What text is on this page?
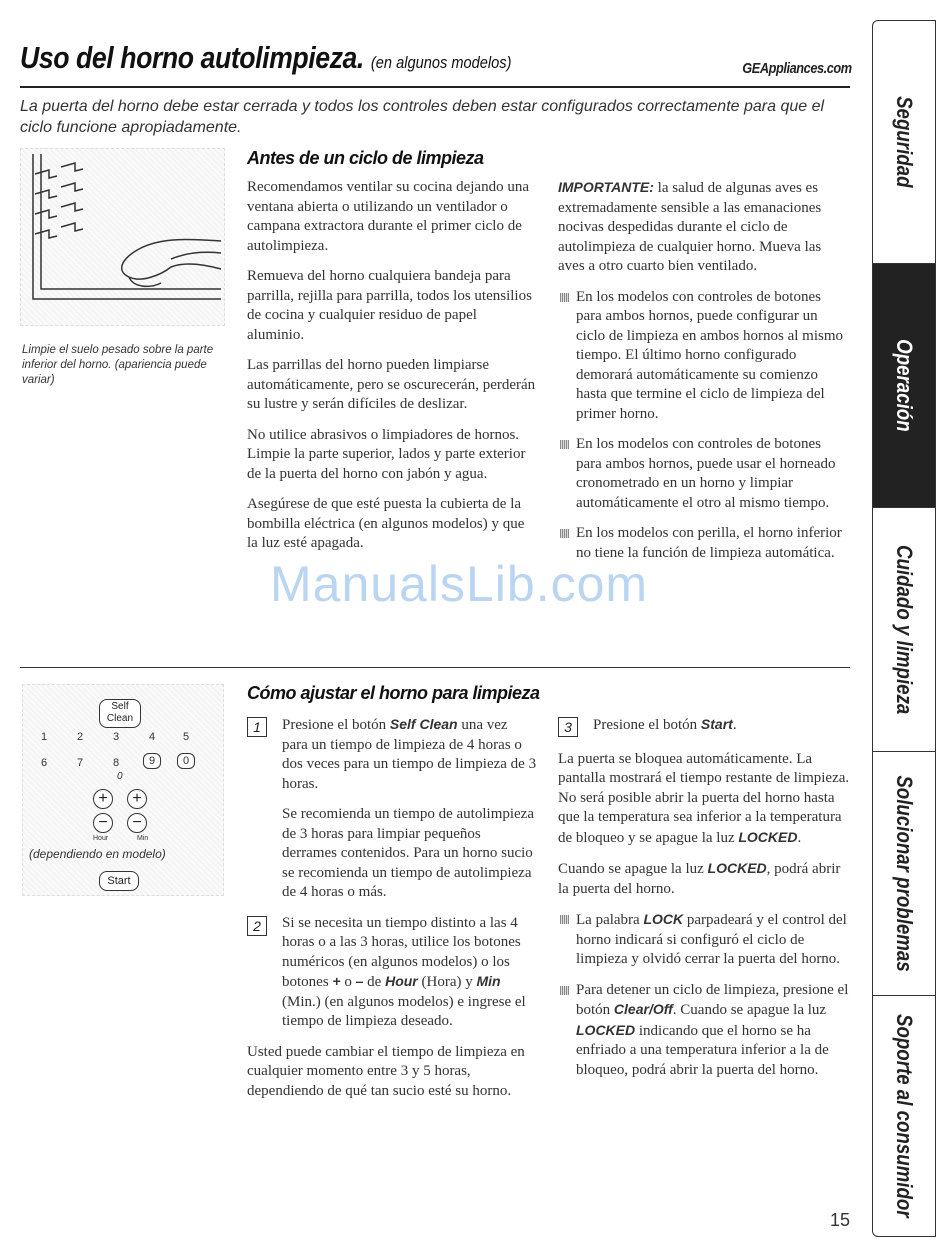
Uso del horno autolimpieza. (en algunos modelos)	GEAppliances.com
La puerta del horno debe estar cerrada y todos los controles deben estar configurados correctamente para que el ciclo funcione apropiadamente.
Limpie el suelo pesado sobre la parte inferior del horno. (apariencia puede variar)
Antes de un ciclo de limpieza

Recomendamos ventilar su cocina dejando una ventana abierta o utilizando un ventilador o campana extractora durante el primer ciclo de autolimpieza.

Remueva del horno cualquiera bandeja para parrilla, rejilla para parrilla, todos los utensilios de cocina y cualquier residuo de papel aluminio.

Las parrillas del horno pueden limpiarse automáticamente, pero se oscurecerán, perderán su lustre y serán difíciles de deslizar.

No utilice abrasivos o limpiadores de hornos. Limpie la parte superior, lados y parte exterior de la puerta del horno con jabón y agua.

Asegúrese de que esté puesta la cubierta de la bombilla eléctrica (en algunos modelos) y que la luz esté apagada.

IMPORTANTE: la salud de algunas aves es extremadamente sensible a las emanaciones nocivas despedidas durante el ciclo de autolimpieza de cualquier horno. Mueva las aves a otro cuarto bien ventilado.

En los modelos con controles de botones para ambos hornos, puede configurar un ciclo de limpieza en ambos hornos al mismo tiempo. El último horno configurado demorará automáticamente su comienzo hasta que termine el ciclo de limpieza del primer horno.
En los modelos con controles de botones para ambos hornos, puede usar el horneado cronometrado en un horno y limpiar automáticamente el otro al mismo tiempo.
En los modelos con perilla, el horno inferior no tiene la función de limpieza automática.
ManualsLib.com
Self Clean
1	2	3	4	5
6	7	8	9	0
0
+	+
−	−
Hour	Min
(dependiendo en modelo)
Start
Cómo ajustar el horno para limpieza
1	Presione el botón Self Clean una vez para un tiempo de limpieza de 4 horas o dos veces para un tiempo de limpieza de 3 horas.

Se recomienda un tiempo de autolimpieza de 3 horas para limpiar pequeños derrames contenidos. Para un horno sucio se recomienda un tiempo de autolimpieza de 4 horas o más.

2	Si se necesita un tiempo distinto a las 4 horas o a las 3 horas, utilice los botones numéricos (en algunos modelos) o los botones + o – de Hour (Hora) y Min (Min.) (en algunos modelos) e ingrese el tiempo de limpieza deseado.

Usted puede cambiar el tiempo de limpieza en cualquier momento entre 3 y 5 horas, dependiendo de qué tan sucio esté su horno.

3	Presione el botón Start.

La puerta se bloquea automáticamente. La pantalla mostrará el tiempo restante de limpieza. No será posible abrir la puerta del horno hasta que la temperatura sea inferior a la temperatura de bloqueo y se apague la luz LOCKED.

Cuando se apague la luz LOCKED, podrá abrir la puerta del horno.

La palabra LOCK parpadeará y el control del horno indicará si configuró el ciclo de limpieza y olvidó cerrar la puerta del horno.
Para detener un ciclo de limpieza, presione el botón Clear/Off. Cuando se apague la luz LOCKED indicando que el horno se ha enfriado a una temperatura inferior a la de bloqueo, podrá abrir la puerta del horno.
Seguridad
Operación
Cuidado y limpieza
Solucionar problemas
Soporte al consumidor
15
